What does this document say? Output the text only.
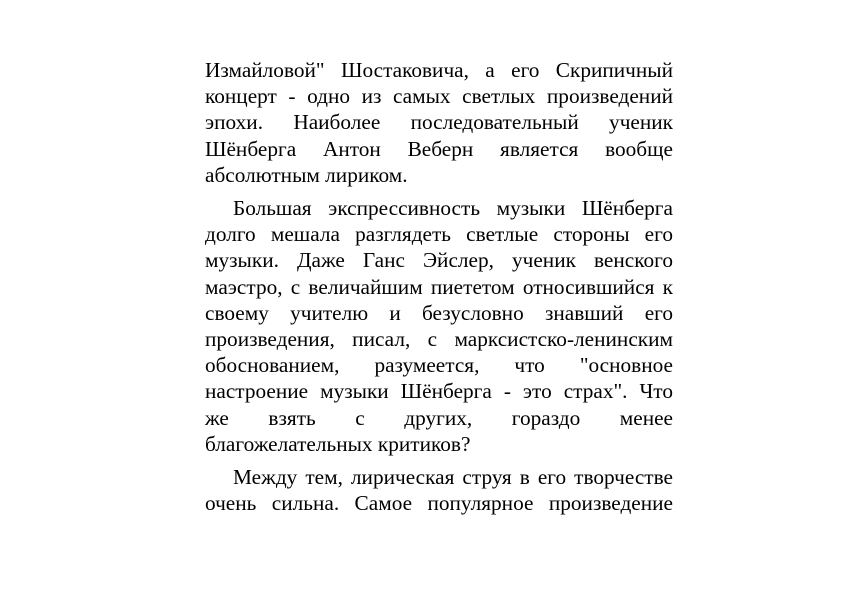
Измайловой" Шостаковича, а его Скрипичный
концерт - одно из самых светлых произведений
эпохи. Наиболее последовательный ученик
Шёнберга Антон Веберн является вообще
абсолютным лириком.

Большая экспрессивность музыки Шёнберга
долго мешала разглядеть светлые стороны его
музыки. Даже Ганс Эйслер, ученик венского
маэстро, с величайшим пиететом относившийся к
своему учителю и безусловно знавший его
произведения, писал, с марксистско-ленинским
обоснованием, разумеется, что "основное
настроение музыки Шёнберга - это страх". Что
же взять с других, гораздо менее
благожелательных критиков?

Между тем, лирическая струя в его творчестве
очень сильна. Самое популярное произведение
